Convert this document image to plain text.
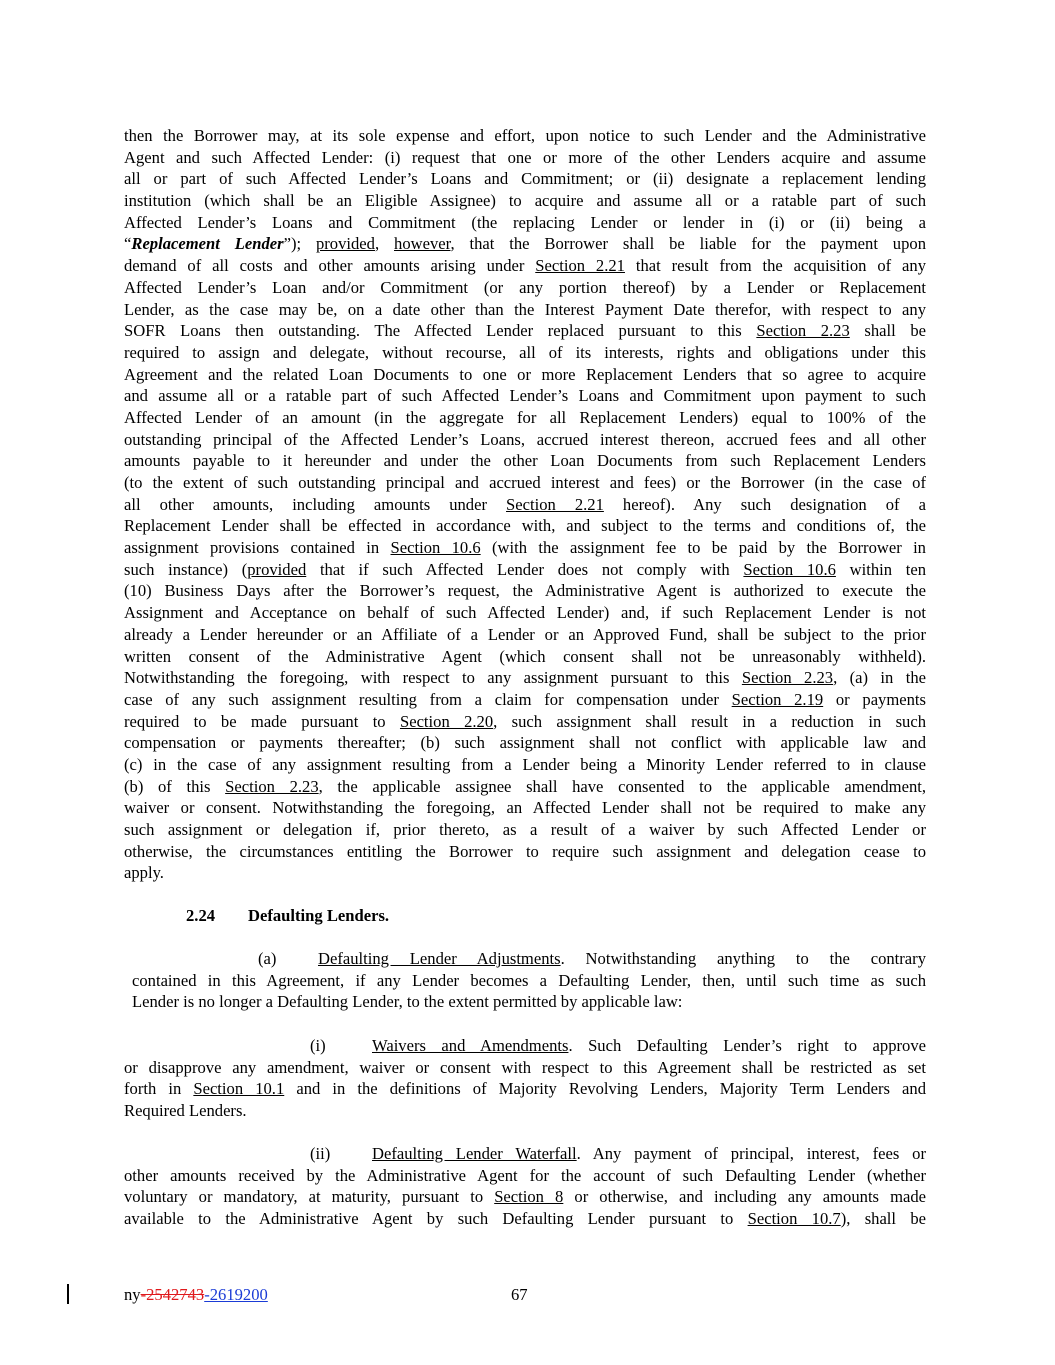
then the Borrower may, at its sole expense and effort, upon notice to such Lender and the Administrative
Agent and such Affected Lender: (i) request that one or more of the other Lenders acquire and assume
all or part of such Affected Lender’s Loans and Commitment; or (ii) designate a replacement lending
institution (which shall be an Eligible Assignee) to acquire and assume all or a ratable part of such
Affected Lender’s Loans and Commitment (the replacing Lender or lender in (i) or (ii) being a
“Replacement Lender”); provided, however, that the Borrower shall be liable for the payment upon
demand of all costs and other amounts arising under Section 2.21 that result from the acquisition of any
Affected Lender’s Loan and/or Commitment (or any portion thereof) by a Lender or Replacement
Lender, as the case may be, on a date other than the Interest Payment Date therefor, with respect to any
SOFR Loans then outstanding. The Affected Lender replaced pursuant to this Section 2.23 shall be
required to assign and delegate, without recourse, all of its interests, rights and obligations under this
Agreement and the related Loan Documents to one or more Replacement Lenders that so agree to acquire
and assume all or a ratable part of such Affected Lender’s Loans and Commitment upon payment to such
Affected Lender of an amount (in the aggregate for all Replacement Lenders) equal to 100% of the
outstanding principal of the Affected Lender’s Loans, accrued interest thereon, accrued fees and all other
amounts payable to it hereunder and under the other Loan Documents from such Replacement Lenders
(to the extent of such outstanding principal and accrued interest and fees) or the Borrower (in the case of
all other amounts, including amounts under Section 2.21 hereof). Any such designation of a
Replacement Lender shall be effected in accordance with, and subject to the terms and conditions of, the
assignment provisions contained in Section 10.6 (with the assignment fee to be paid by the Borrower in
such instance) (provided that if such Affected Lender does not comply with Section 10.6 within ten
(10) Business Days after the Borrower’s request, the Administrative Agent is authorized to execute the
Assignment and Acceptance on behalf of such Affected Lender) and, if such Replacement Lender is not
already a Lender hereunder or an Affiliate of a Lender or an Approved Fund, shall be subject to the prior
written consent of the Administrative Agent (which consent shall not be unreasonably withheld).
Notwithstanding the foregoing, with respect to any assignment pursuant to this Section 2.23, (a) in the
case of any such assignment resulting from a claim for compensation under Section 2.19 or payments
required to be made pursuant to Section 2.20, such assignment shall result in a reduction in such
compensation or payments thereafter; (b) such assignment shall not conflict with applicable law and
(c) in the case of any assignment resulting from a Lender being a Minority Lender referred to in clause
(b) of this Section 2.23, the applicable assignee shall have consented to the applicable amendment,
waiver or consent. Notwithstanding the foregoing, an Affected Lender shall not be required to make any
such assignment or delegation if, prior thereto, as a result of a waiver by such Affected Lender or
otherwise, the circumstances entitling the Borrower to require such assignment and delegation cease to
apply.
2.24 Defaulting Lenders.
(a)	Defaulting Lender Adjustments. Notwithstanding anything to the contrary
contained in this Agreement, if any Lender becomes a Defaulting Lender, then, until such time as such
Lender is no longer a Defaulting Lender, to the extent permitted by applicable law:
(i)	Waivers and Amendments. Such Defaulting Lender’s right to approve
or disapprove any amendment, waiver or consent with respect to this Agreement shall be restricted as set
forth in Section 10.1 and in the definitions of Majority Revolving Lenders, Majority Term Lenders and
Required Lenders.
(ii)	Defaulting Lender Waterfall. Any payment of principal, interest, fees or
other amounts received by the Administrative Agent for the account of such Defaulting Lender (whether
voluntary or mandatory, at maturity, pursuant to Section 8 or otherwise, and including any amounts made
available to the Administrative Agent by such Defaulting Lender pursuant to Section 10.7), shall be
ny-2542743-2619200	67
